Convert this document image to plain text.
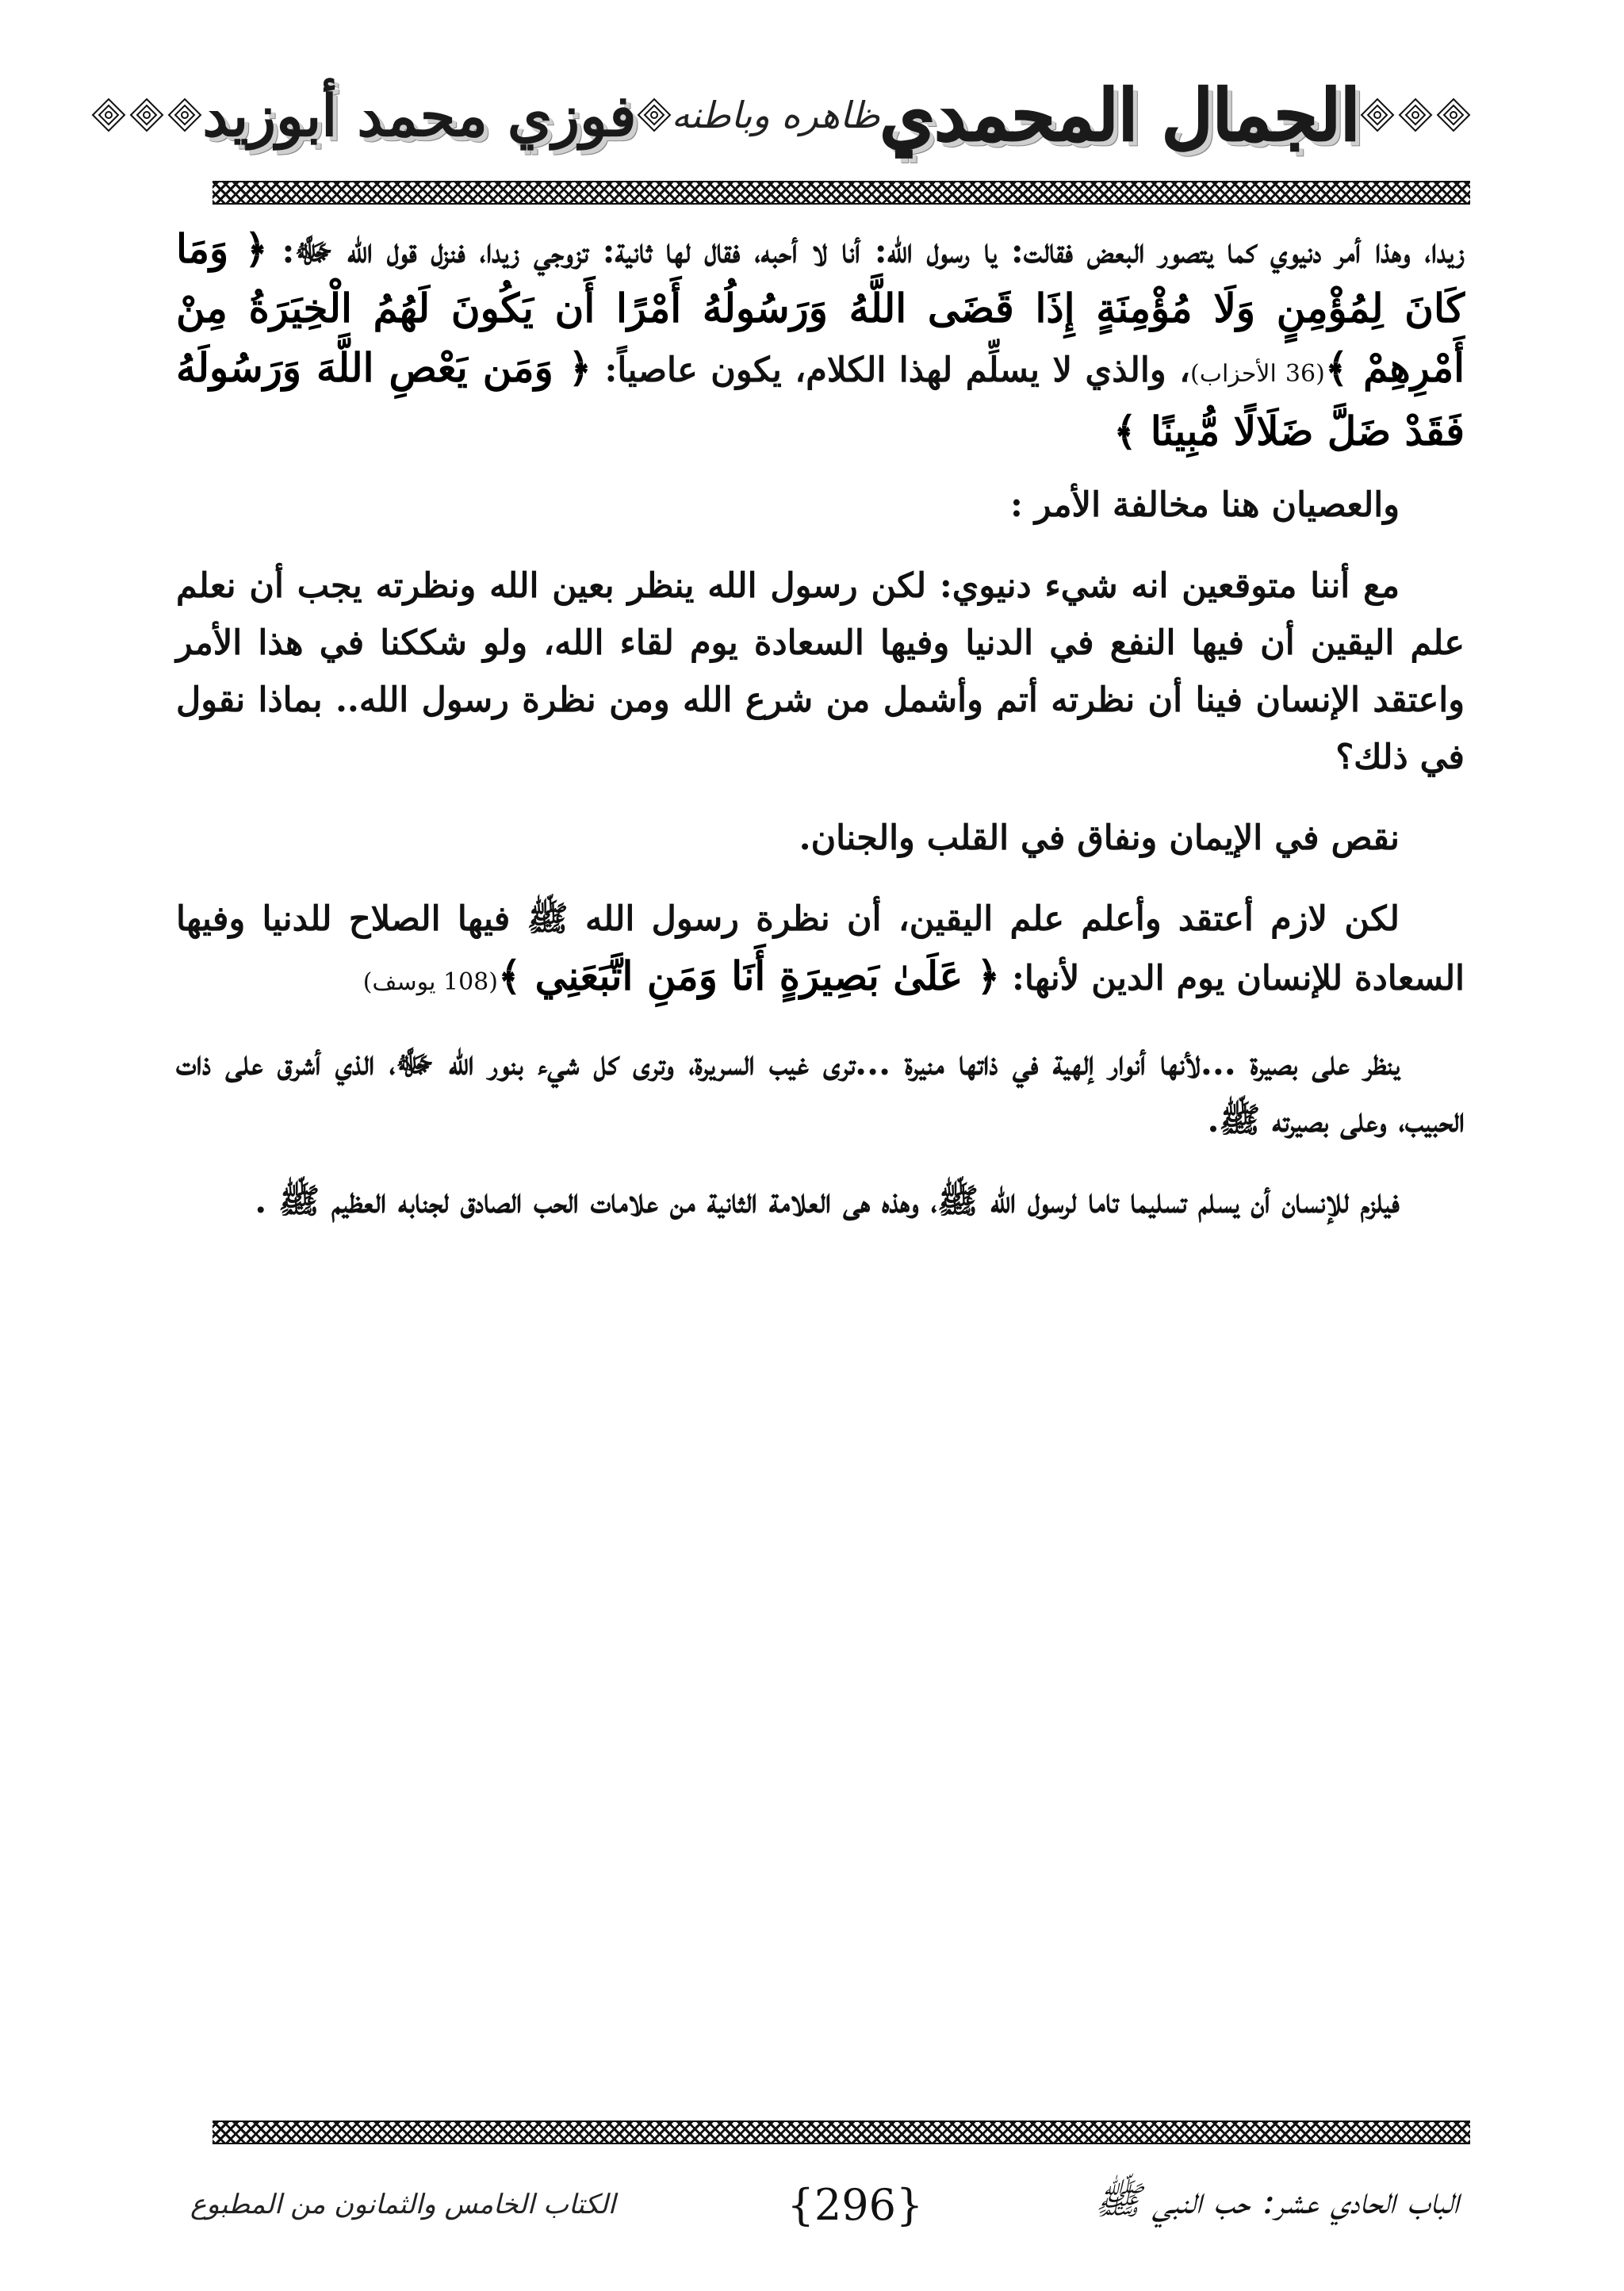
الجمال المحمدي
ظاهره وباطنه
فوزي محمد أبوزيد

زيدا، وهذا أمر دنيوي كما يتصور البعض فقالت: يا رسول الله: أنا لا أحبه، فقال لها ثانية: تزوجي زيدا، فنزل قول الله ﷻ: ﴿ وَمَا كَانَ لِمُؤْمِنٍ وَلَا مُؤْمِنَةٍ إِذَا قَضَى اللَّهُ وَرَسُولُهُ أَمْرًا أَن يَكُونَ لَهُمُ الْخِيَرَةُ مِنْ أَمْرِهِمْ ﴾(36 الأحزاب)، والذي لا يسلِّم لهذا الكلام، يكون عاصياً: ﴿ وَمَن يَعْصِ اللَّهَ وَرَسُولَهُ فَقَدْ ضَلَّ ضَلَالًا مُّبِينًا ﴾

والعصيان هنا مخالفة الأمر :

مع أننا متوقعين انه شيء دنيوي: لكن رسول الله ينظر بعين الله ونظرته يجب أن نعلم علم اليقين أن فيها النفع في الدنيا وفيها السعادة يوم لقاء الله، ولو شككنا في هذا الأمر واعتقد الإنسان فينا أن نظرته أتم وأشمل من شرع الله ومن نظرة رسول الله.. بماذا نقول في ذلك؟

نقص في الإيمان ونفاق في القلب والجنان.

لكن لازم أعتقد وأعلم علم اليقين، أن نظرة رسول الله ﷺ فيها الصلاح للدنيا وفيها السعادة للإنسان يوم الدين لأنها: ﴿ عَلَىٰ بَصِيرَةٍ أَنَا وَمَنِ اتَّبَعَنِي ﴾(108 يوسف)

ينظر على بصيرة ...لأنها أنوار إلهية في ذاتها منيرة ...ترى غيب السريرة، وترى كل شيء بنور الله ﷻ، الذي أشرق على ذات الحبيب، وعلى بصيرته ﷺ.

فيلزم للإنسان أن يسلم تسليما تاما لرسول الله ﷺ، وهذه هى العلامة الثانية من علامات الحب الصادق لجنابه العظيم ﷺ .

الكتاب الخامس والثمانون من المطبوع	{296}	الباب الحادي عشر: حب النبي ﷺ
